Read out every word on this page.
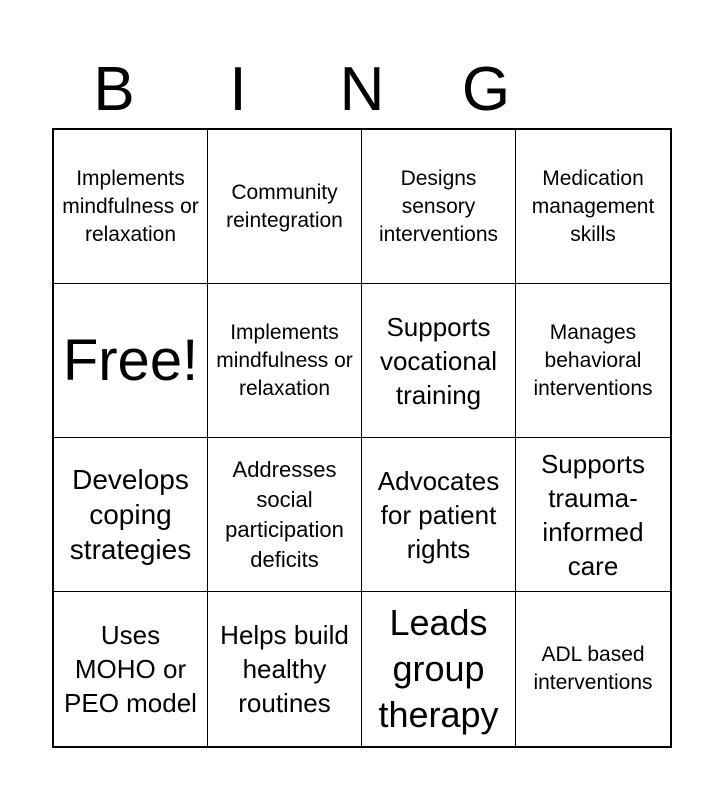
B	I	N	G
Implements mindfulness or relaxation
Community reintegration
Designs sensory interventions
Medication management skills
Free!	Implements mindfulness or relaxation
Supports vocational training
Manages behavioral interventions
Develops coping strategies
Addresses social participation deficits
Advocates for patient rights
Supports trauma-informed care
Uses MOHO or PEO model
Helps build healthy routines
Leads group therapy
ADL based interventions
